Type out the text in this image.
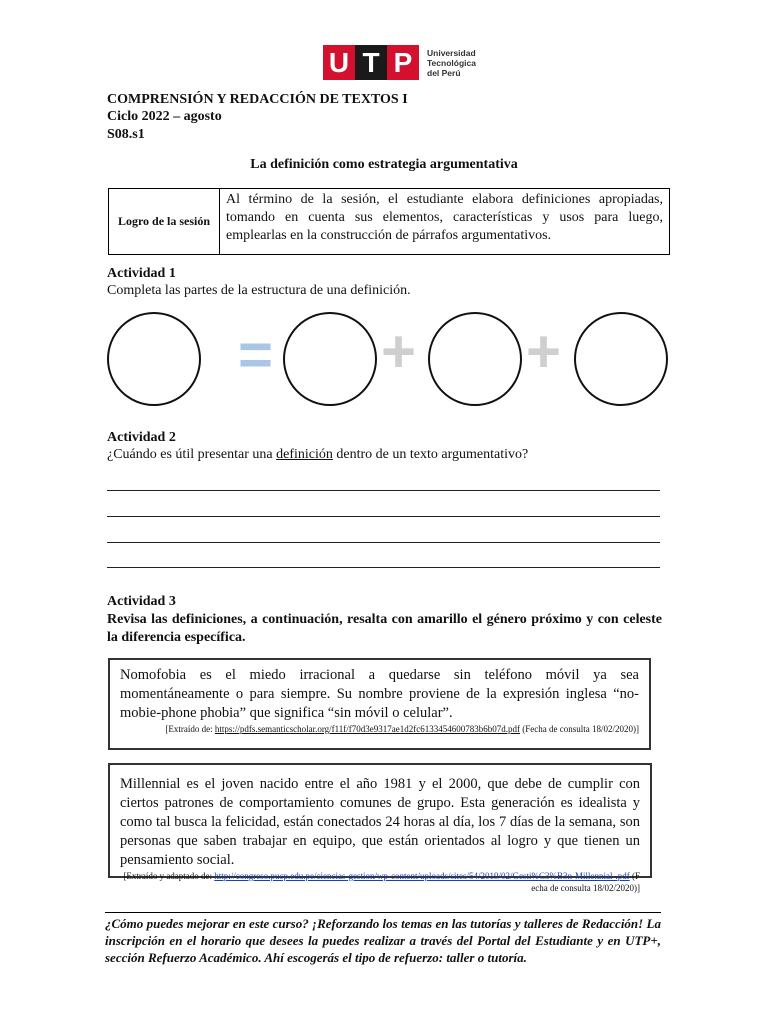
U T P	Universidad Tecnológica del Perú
COMPRENSIÓN Y REDACCIÓN DE TEXTOS I
Ciclo 2022 – agosto
S08.s1
La definición como estrategia argumentativa
Logro de la sesión
Al término de la sesión, el estudiante elabora definiciones apropiadas, tomando en cuenta sus elementos, características y usos para luego, emplearlas en la construcción de párrafos argumentativos.
Actividad 1
Completa las partes de la estructura de una definición.
= + +
Actividad 2
¿Cuándo es útil presentar una definición dentro de un texto argumentativo?
Actividad 3
Revisa las definiciones, a continuación, resalta con amarillo el género próximo y con celeste la diferencia específica.
Nomofobia es el miedo irracional a quedarse sin teléfono móvil ya sea momentáneamente o para siempre. Su nombre proviene de la expresión inglesa “no-mobie-phone phobia” que significa “sin móvil o celular”.
[Extraído de: https://pdfs.semanticscholar.org/f11f/f70d3e9317ae1d2fc6133454600783b6b07d.pdf (Fecha de consulta 18/02/2020)]
Millennial es el joven nacido entre el año 1981 y el 2000, que debe de cumplir con ciertos patrones de comportamiento comunes de grupo. Esta generación es idealista y como tal busca la felicidad, están conectados 24 horas al día, los 7 días de la semana, son personas que saben trabajar en equipo, que están orientados al logro y que tienen un pensamiento social.
[Extraído y adaptado de: http://congreso.pucp.edu.pe/ciencias-gestion/wp-content/uploads/sites/54/2019/02/Gesti%C3%B3n-Millennial-.pdf (Fecha de consulta 18/02/2020)]
¿Cómo puedes mejorar en este curso? ¡Reforzando los temas en las tutorías y talleres de Redacción! La inscripción en el horario que desees la puedes realizar a través del Portal del Estudiante y en UTP+, sección Refuerzo Académico. Ahí escogerás el tipo de refuerzo: taller o tutoría.
